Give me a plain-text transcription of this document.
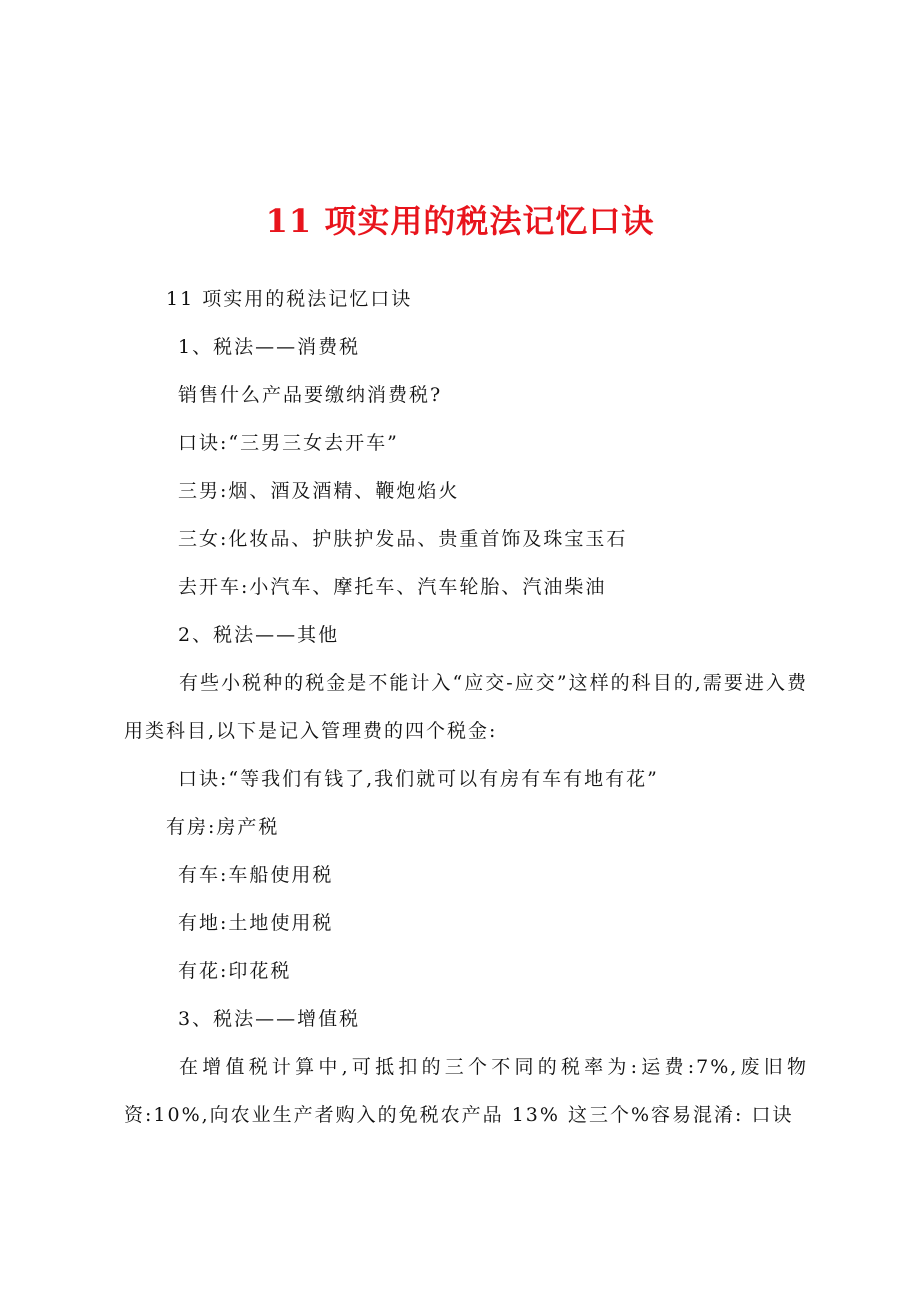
11 项实用的税法记忆口诀
11 项实用的税法记忆口诀
1、税法——消费税
销售什么产品要缴纳消费税?
口诀:“三男三女去开车”
三男:烟、酒及酒精、鞭炮焰火
三女:化妆品、护肤护发品、贵重首饰及珠宝玉石
去开车:小汽车、摩托车、汽车轮胎、汽油柴油
2、税法——其他
有些小税种的税金是不能计入“应交-应交”这样的科目的,需要进入费用类科目,以下是记入管理费的四个税金:
口诀:“等我们有钱了,我们就可以有房有车有地有花”
有房:房产税
有车:车船使用税
有地:土地使用税
有花:印花税
3、税法——增值税
在增值税计算中,可抵扣的三个不同的税率为:运费:7%,废旧物资:10%,向农业生产者购入的免税农产品 13% 这三个%容易混淆: 口诀
